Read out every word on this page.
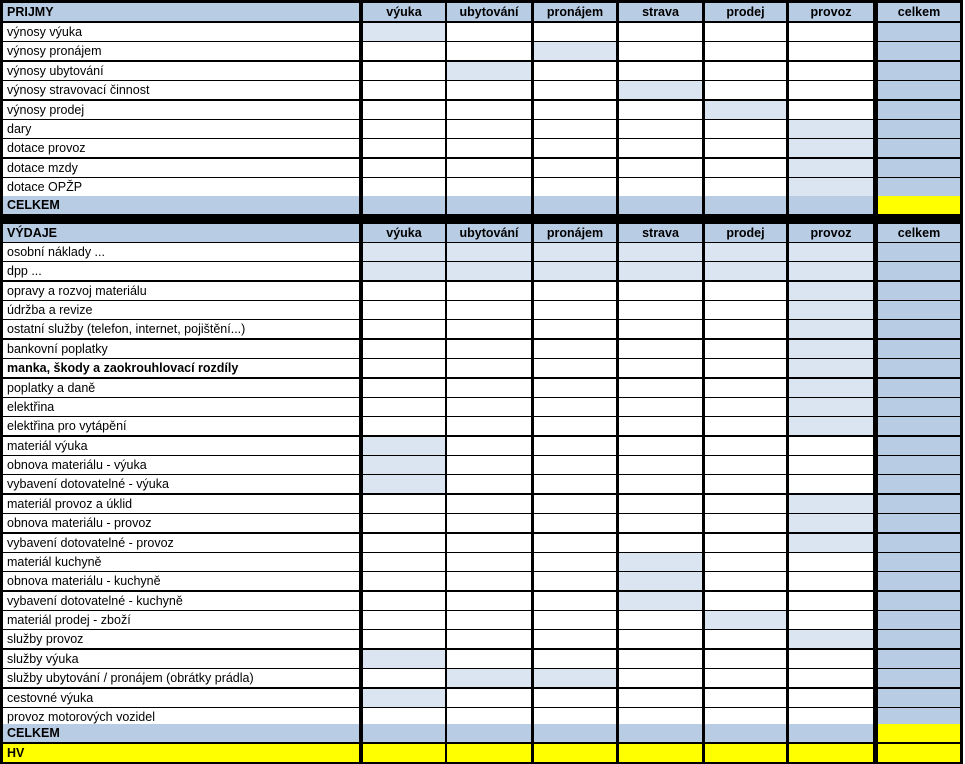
PRIJMY	výuka	ubytování	pronájem	strava	prodej	provoz	celkem
výnosy výuka
výnosy pronájem
výnosy ubytování
výnosy stravovací činnost
výnosy prodej
dary
dotace provoz
dotace mzdy
dotace OPŽP
CELKEM
VÝDAJE	výuka	ubytování	pronájem	strava	prodej	provoz	celkem
osobní náklady ...
dpp ...
opravy a rozvoj materiálu
údržba a revize
ostatní služby (telefon, internet, pojištění...)
bankovní poplatky
manka, škody a zaokrouhlovací rozdíly
poplatky a daně
elektřina
elektřina pro vytápění
materiál výuka
obnova materiálu - výuka
vybavení dotovatelné - výuka
materiál provoz a úklid
obnova materiálu - provoz
vybavení dotovatelné - provoz
materiál kuchyně
obnova materiálu - kuchyně
vybavení dotovatelné - kuchyně
materiál prodej - zboží
služby provoz
služby výuka
služby ubytování / pronájem (obrátky prádla)
cestovné výuka
provoz motorových vozidel
CELKEM
HV
